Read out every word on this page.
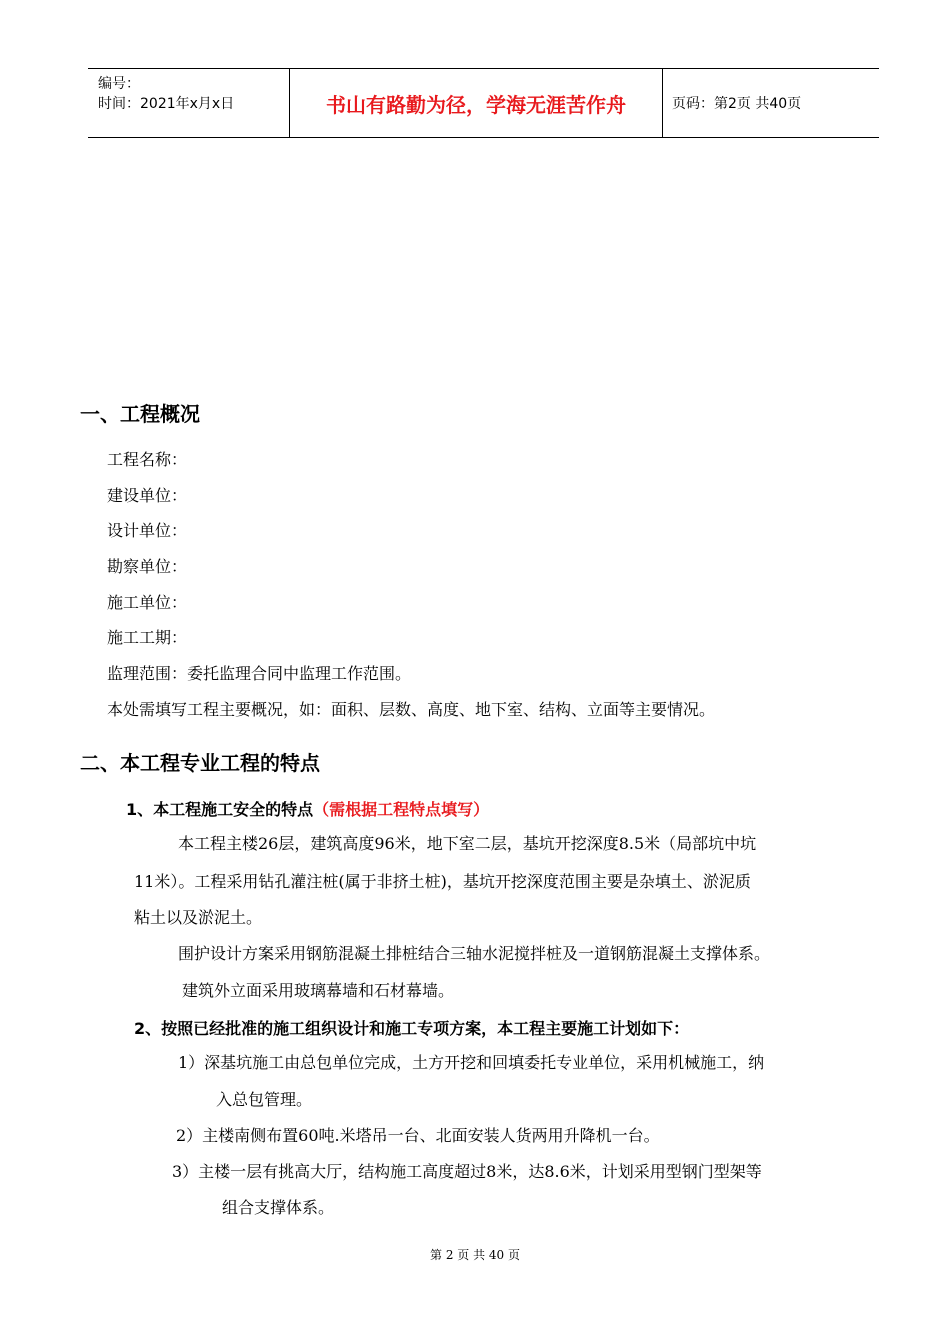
编号：
时间：2021年x月x日	书山有路勤为径，学海无涯苦作舟	页码：第2页 共40页
一、工程概况
工程名称：
建设单位：
设计单位：
勘察单位：
施工单位：
施工工期：
监理范围：委托监理合同中监理工作范围。
本处需填写工程主要概况，如：面积、层数、高度、地下室、结构、立面等主要情况。
二、本工程专业工程的特点
1、本工程施工安全的特点（需根据工程特点填写）
本工程主楼26层，建筑高度96米，地下室二层，基坑开挖深度8.5米（局部坑中坑
11米）。工程采用钻孔灌注桩(属于非挤土桩)，基坑开挖深度范围主要是杂填土、淤泥质
粘土以及淤泥土。
围护设计方案采用钢筋混凝土排桩结合三轴水泥搅拌桩及一道钢筋混凝土支撑体系。
建筑外立面采用玻璃幕墙和石材幕墙。
2、按照已经批准的施工组织设计和施工专项方案，本工程主要施工计划如下：
1）深基坑施工由总包单位完成，土方开挖和回填委托专业单位，采用机械施工，纳
入总包管理。
2）主楼南侧布置60吨.米塔吊一台、北面安装人货两用升降机一台。
3）主楼一层有挑高大厅，结构施工高度超过8米，达8.6米，计划采用型钢门型架等
组合支撑体系。
第 2 页 共 40 页
